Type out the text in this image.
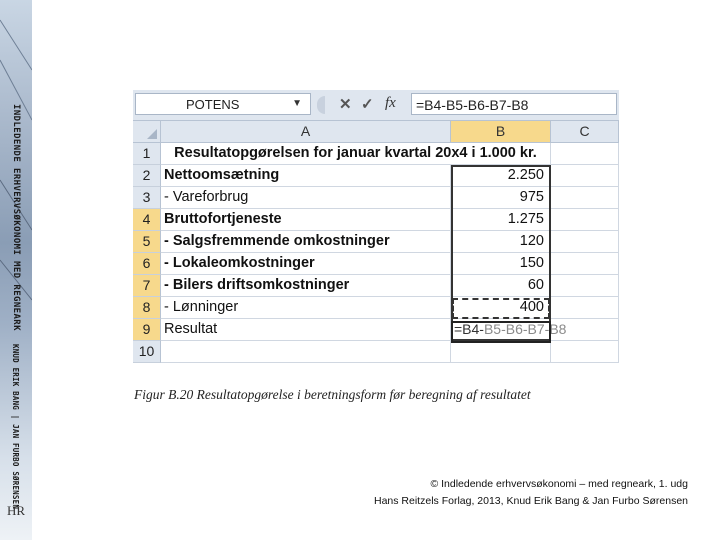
INDLEDENDE ERHVERVSØKONOMI MED REGNEARK
KNUD ERIK BANG | JAN FURBO SØRENSEN
HR
POTENS	▼ ✕ ✓ fx =B4-B5-B6-B7-B8
A	B	C
1	Resultatopgørelsen for januar kvartal 20x4 i 1.000 kr.
2 Nettoomsætning	2.250
3 - Vareforbrug	975
4 Bruttofortjeneste	1.275
5 - Salgsfremmende omkostninger	120
6 - Lokaleomkostninger	150
7 - Bilers driftsomkostninger	60
8 - Lønninger	400
9 Resultat	=B4-B5-B6-B7-B8
10
Figur B.20 Resultatopgørelse i beretningsform før beregning af resultatet
© Indledende erhvervsøkonomi – med regneark, 1. udg
Hans Reitzels Forlag, 2013, Knud Erik Bang & Jan Furbo Sørensen
